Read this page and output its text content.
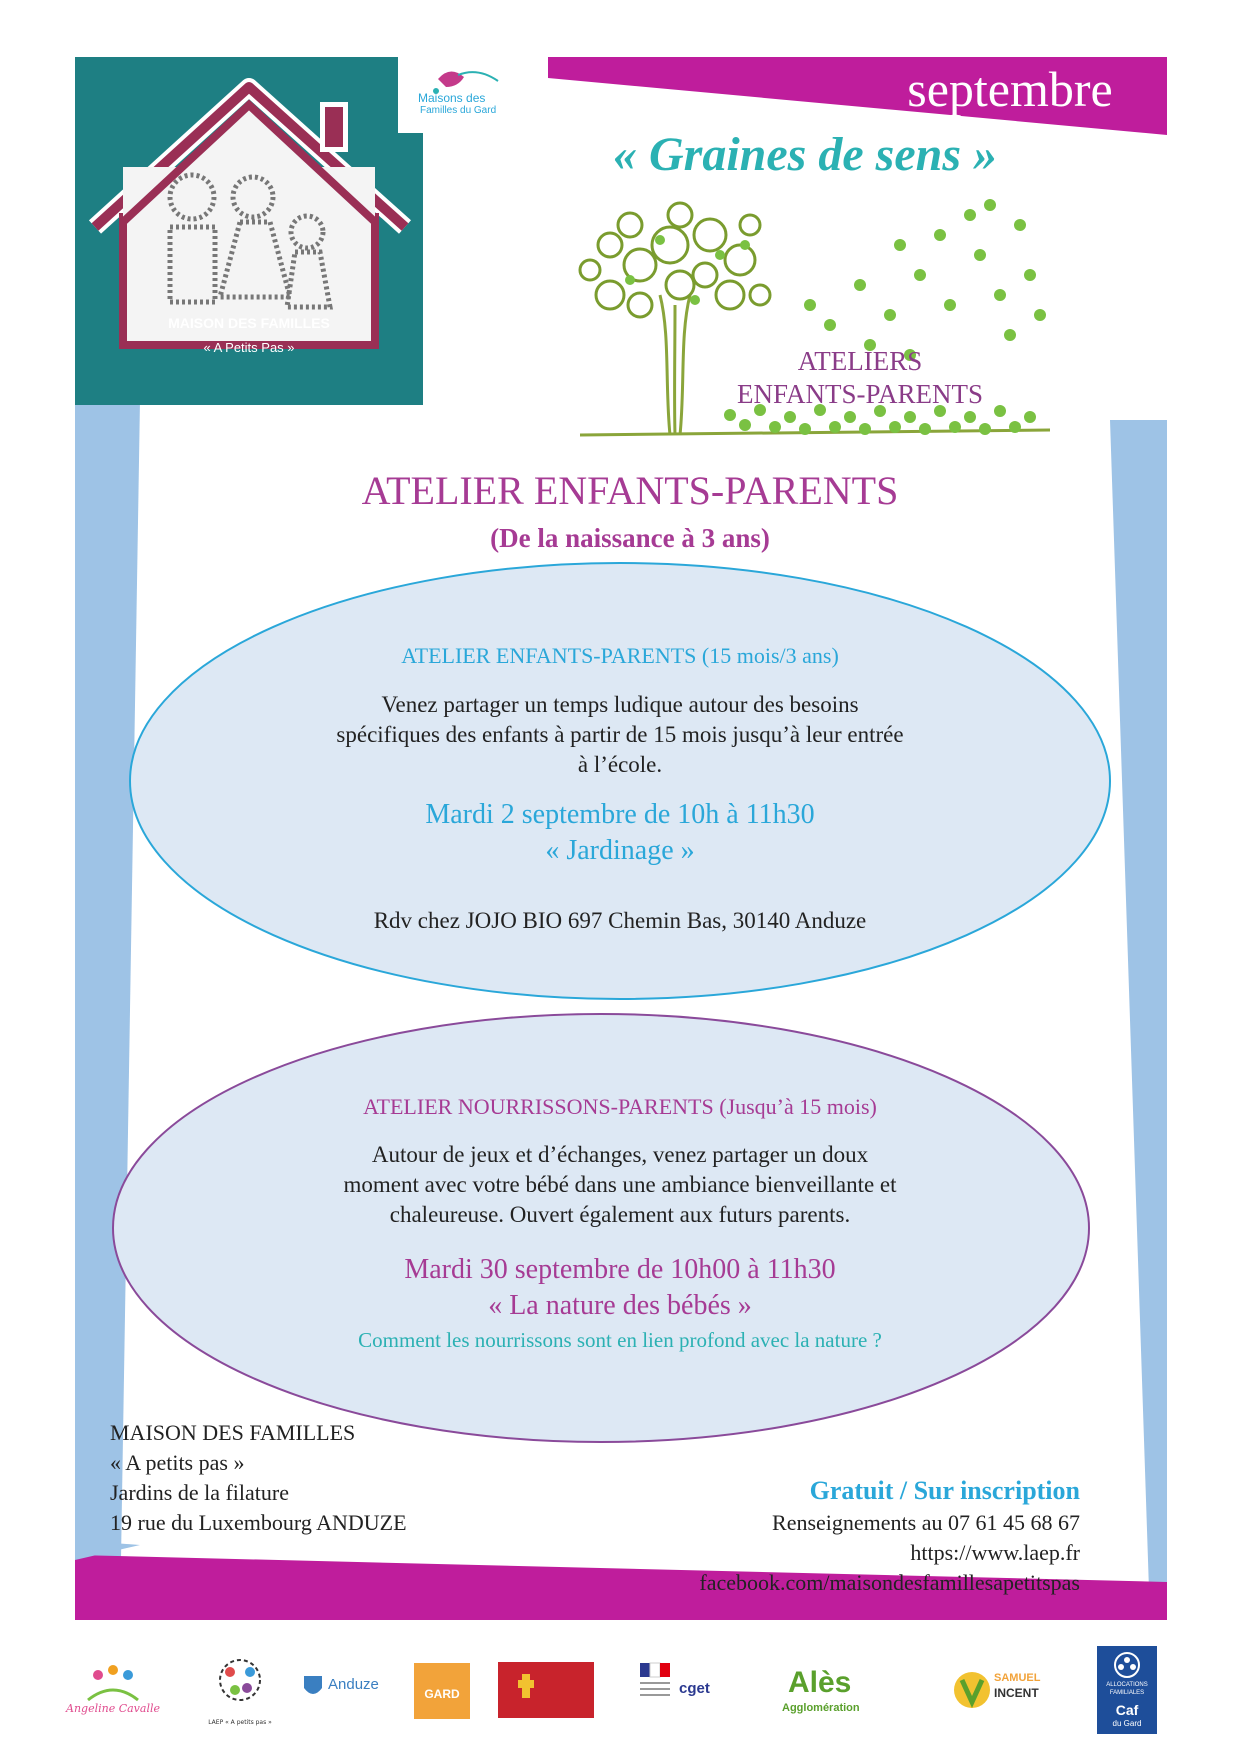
MAISON DES FAMILLES
« A Petits Pas »
Maisons des
Familles du Gard	septembre
« Graines de sens »
ATELIERS
ENFANTS-PARENTS
ATELIER ENFANTS-PARENTS
(De la naissance à 3 ans)
ATELIER ENFANTS-PARENTS (15 mois/3 ans)
Venez partager un temps ludique autour des besoins
spécifiques des enfants à partir de 15 mois jusqu’à leur entrée
à l’école.
Mardi 2 septembre de 10h à 11h30
« Jardinage »
Rdv chez JOJO BIO 697 Chemin Bas, 30140 Anduze
ATELIER NOURRISSONS-PARENTS (Jusqu’à 15 mois)
Autour de jeux et d’échanges, venez partager un doux
moment avec votre bébé dans une ambiance bienveillante et
chaleureuse. Ouvert également aux futurs parents.
Mardi 30 septembre de 10h00 à 11h30
« La nature des bébés »
Comment les nourrissons sont en lien profond avec la nature ?
MAISON DES FAMILLES
« A petits pas »
Jardins de la filature
19 rue du Luxembourg ANDUZE
Gratuit / Sur inscription
Renseignements au 07 61 45 68 67
https://www.laep.fr
facebook.com/maisondesfamillesapetitspas
Angeline Cavalle
LAEP « A petits pas »
Anduze
GARD	cget	Alès
Agglomération
SAMUEL
INCENT
ALLOCATIONS
FAMILIALES
Caf
du Gard
